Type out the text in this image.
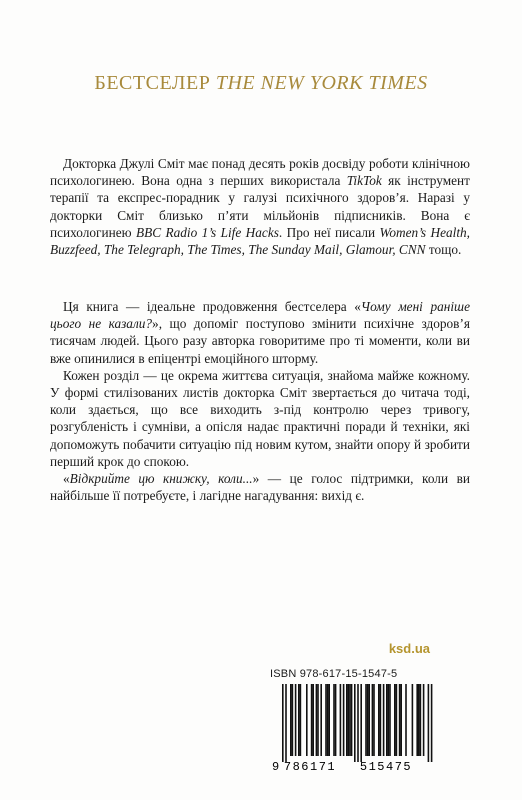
БЕСТСЕЛЕР THE NEW YORK TIMES

Докторка Джулі Сміт має понад десять років досвіду роботи клінічною психологинею. Вона одна з перших використала TikTok як інструмент терапії та експрес-порадник у галузі психічного здоров’я. Наразі у докторки Сміт близько п’яти мільйонів підписників. Вона є психологинею BBC Radio 1’s Life Hacks. Про неї писали Women’s Health, Buzzfeed, The Telegraph, The Times, The Sunday Mail, Glamour, CNN тощо.

Ця книга — ідеальне продовження бестселера «Чому мені раніше цього не казали?», що допоміг поступово змінити психічне здоров’я тисячам людей. Цього разу авторка говоритиме про ті моменти, коли ви вже опинилися в епіцентрі емоційного шторму.

Кожен розділ — це окрема життєва ситуація, знайома майже кожному. У формі стилізованих листів докторка Сміт звертається до читача тоді, коли здається, що все виходить з-під контролю через тривогу, розгубленість і сумніви, а опісля надає практичні поради й техніки, які допоможуть побачити ситуацію під новим кутом, знайти опору й зробити перший крок до спокою.

«Відкрийте цю книжку, коли...» — це голос підтримки, коли ви найбільше її потребуєте, і лагідне нагадування: вихід є.

ksd.ua
ISBN 978-617-15-1547-5
9 786171 515475
